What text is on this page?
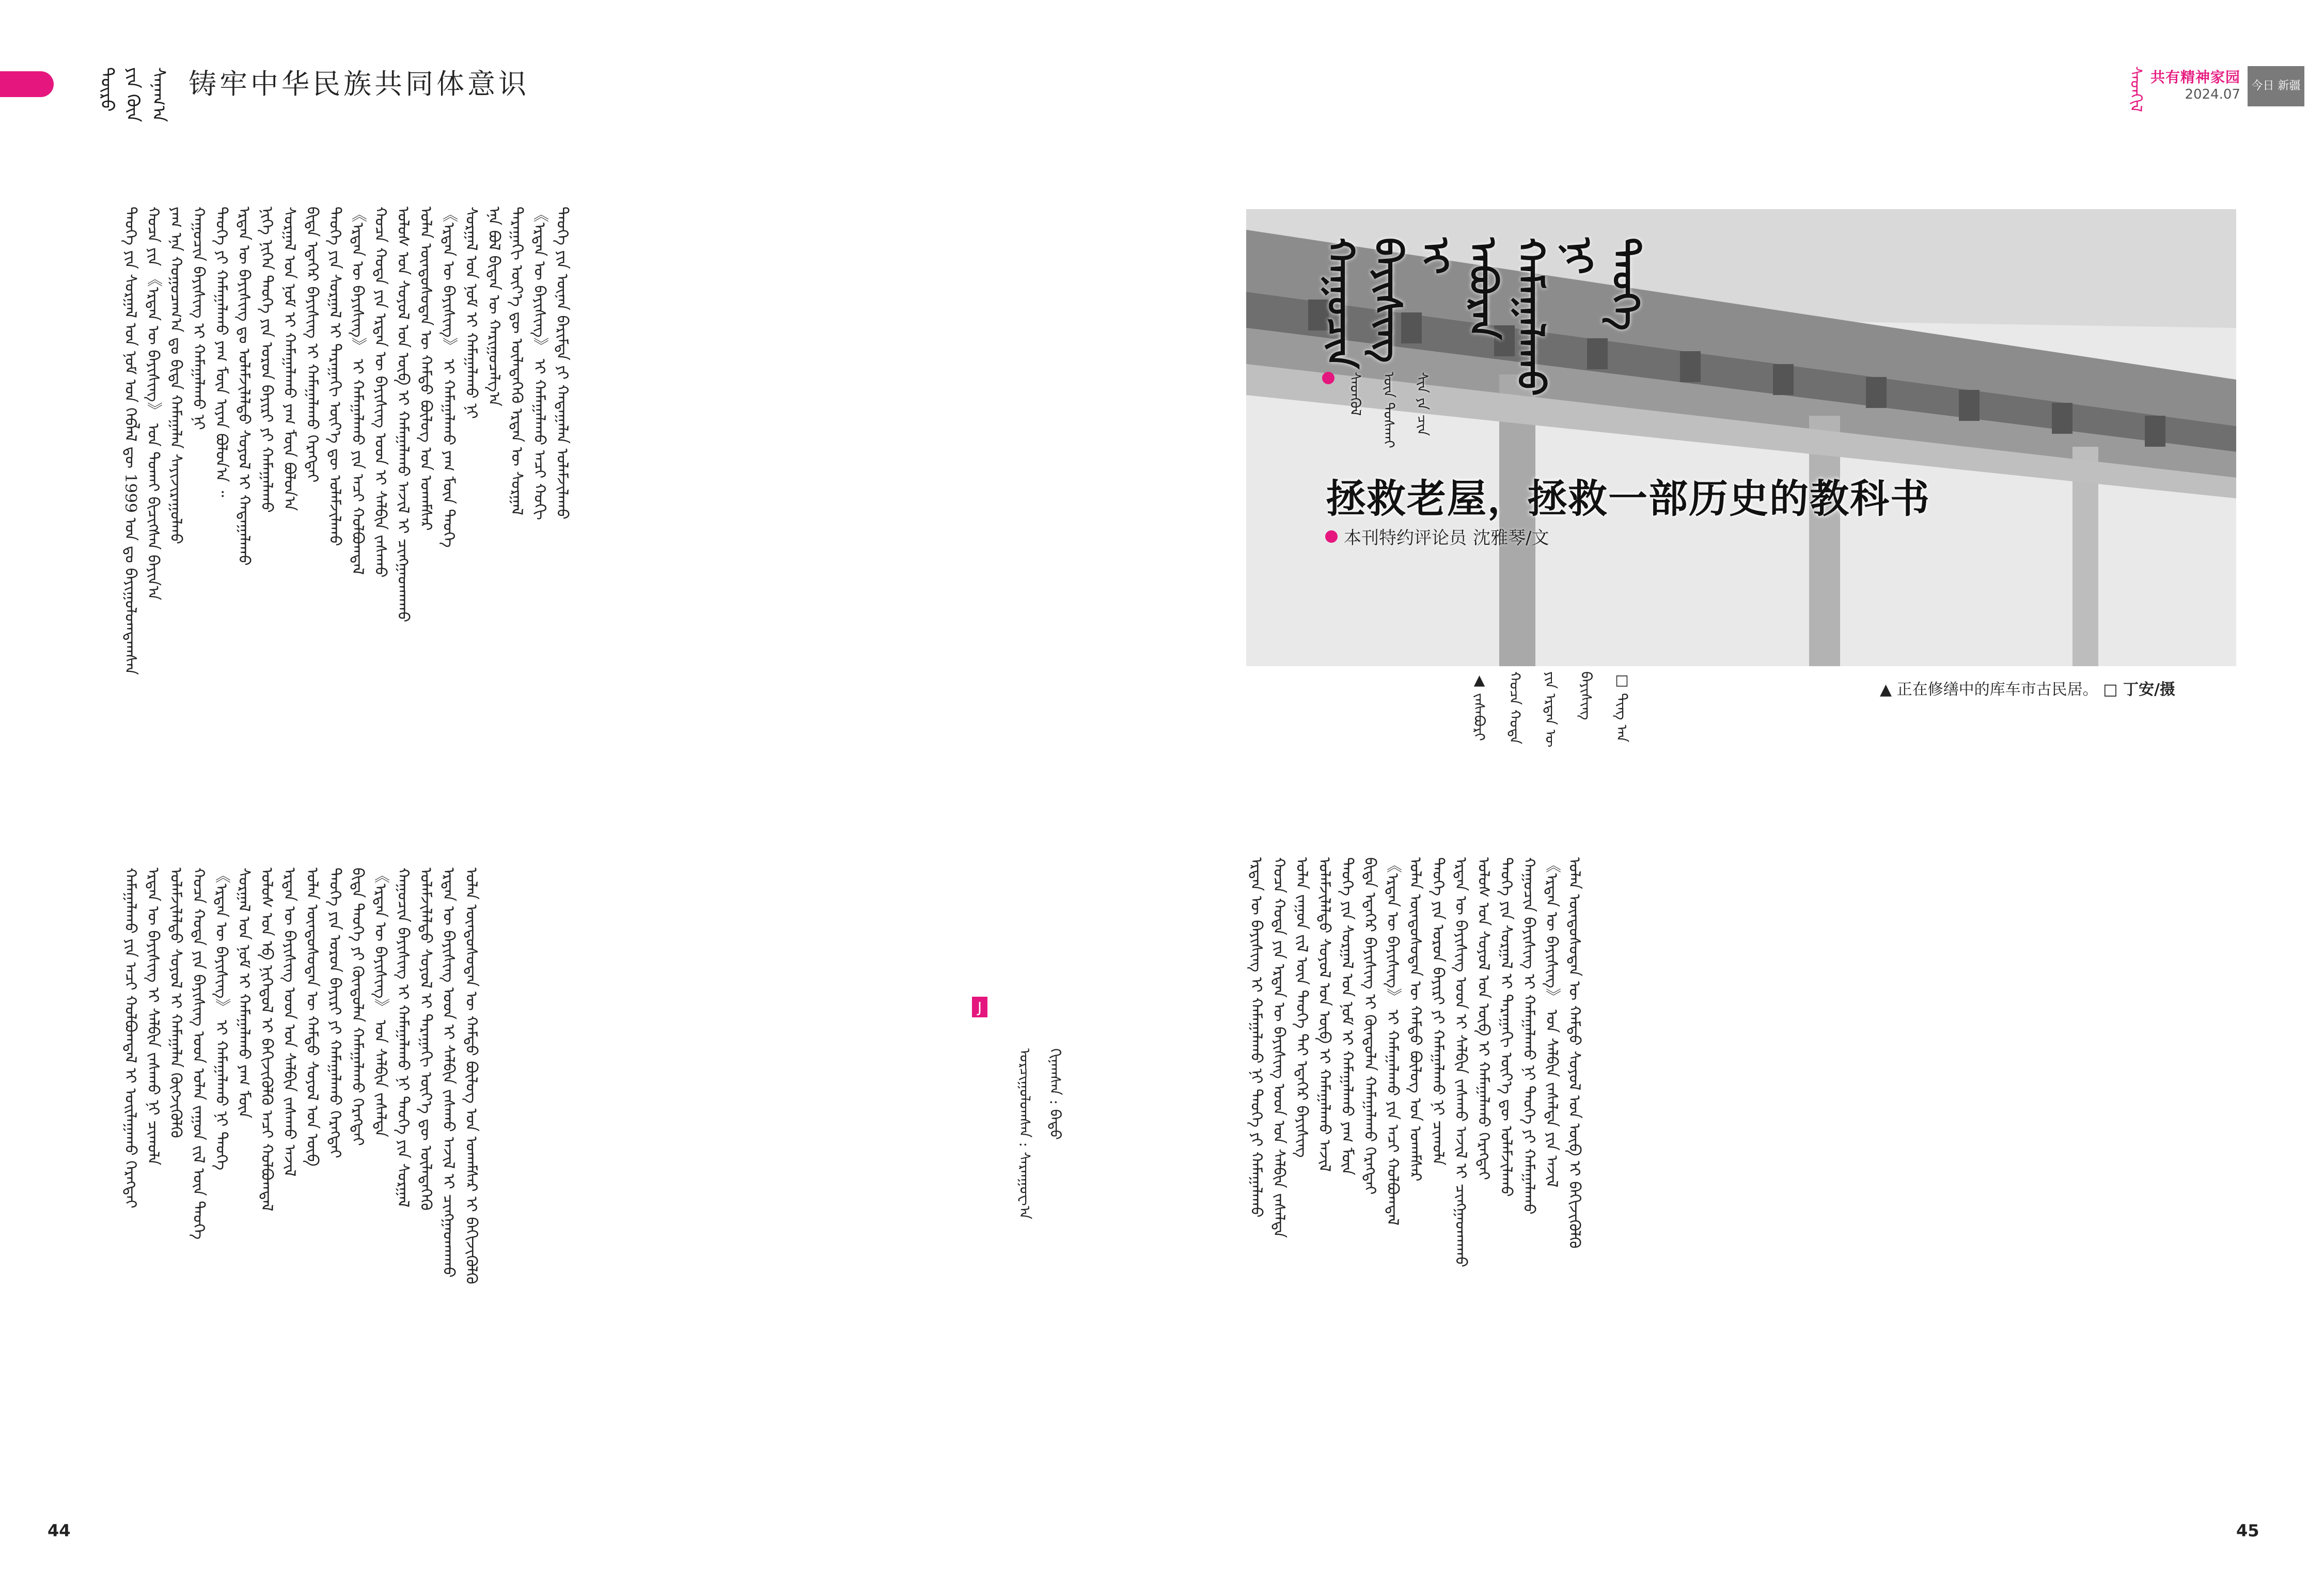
ᠲᠥᠷᠥ ᠶᠢᠨ ᠭᠦᠨ ᠰᠠᠨᠠᠭ᠎ᠠ 铸牢中华民族共同体意识	ᠰᠡᠳᠬᠢᠯ 共有精神家园
2024.07
今日 新疆
ᠲᠡᠦᠬᠡ ᠶᠢᠨ ᠰᠤᠷᠭᠠᠯ ᠤᠨ ᠨᠣᠮ ᠤᠨ ᠬᠡᠪᠯᠡᠯ ᠳᠦ 1999 ᠣᠨ ᠳᠤ ᠪᠠᠶᠢᠭᠤᠯᠤᠭᠳᠠᠭᠰᠠᠨ ᠬᠤᠴᠠ ᠶᠢᠨ 《ᠡᠷᠲᠡᠨ ᠦ ᠪᠠᠶᠢᠰᠢᠩ》 ᠤᠨ ᠲᠤᠬᠠᠢ ᠪᠢᠴᠢᠭᠰᠡᠨ ᠪᠠᠶᠢᠨ᠎ᠠ ᠶᠠᠭ ᠡᠨᠡ ᠬᠤᠭᠤᠴᠠᠭ᠎ᠠ ᠳᠤ ᠪᠢᠳᠡ ᠬᠠᠮᠠᠭᠠᠯᠠᠨ ᠰᠠᠶᠢᠵᠢᠷᠠᠭᠤᠯᠬᠤ ᠬᠠᠭᠤᠴᠢᠨ ᠪᠠᠶᠢᠰᠢᠩ ᠢ ᠬᠠᠮᠠᠭᠠᠯᠠᠬᠤ ᠨᠢ ᠲᠡᠦᠬᠡ ᠶᠢ ᠬᠠᠮᠠᠭᠠᠯᠠᠬᠤ ᠶᠠᠭ ᠮᠥᠨ ᠢᠶᠡᠨ ᠪᠣᠯᠤᠨ᠎ᠠ ᠃ ᠡᠷᠲᠡᠨ ᠦ ᠪᠠᠶᠢᠰᠢᠩ ᠳᠤ ᠤᠯᠠᠮᠵᠢᠯᠠᠯᠲᠤ ᠰᠣᠶᠣᠯ ᠢ ᠬᠠᠳᠠᠭᠠᠯᠠᠬᠤ ᠨᠢᠭᠡ ᠨᠢᠭᠡᠨ ᠲᠡᠦᠬᠡ ᠶᠢᠨ ᠤᠷᠤᠨ ᠪᠠᠶᠢᠷᠢ ᠶᠢ ᠬᠠᠮᠠᠭᠠᠯᠠᠬᠤ ᠰᠤᠷᠭᠠᠯ ᠤᠨ ᠨᠣᠮ ᠢ ᠬᠠᠮᠠᠭᠠᠯᠠᠬᠤ ᠶᠠᠭ ᠮᠥᠨ ᠪᠣᠯᠤᠨ᠎ᠠ ᠪᠢᠳᠡ ᠡᠳᠡᠭᠡᠷ ᠪᠠᠶᠢᠰᠢᠩ ᠢ ᠬᠠᠮᠠᠭᠠᠯᠠᠬᠤ ᠬᠡᠷᠡᠭᠲᠡᠢ ᠲᠡᠦᠬᠡ ᠶᠢᠨ ᠰᠤᠷᠭᠠᠯ ᠢ ᠳᠠᠷᠠᠭᠠᠬᠢ ᠦᠶ᠎ᠡ ᠳᠦ ᠤᠯᠠᠮᠵᠢᠯᠠᠬᠤ 《ᠡᠷᠲᠡᠨ ᠦ ᠪᠠᠶᠢᠰᠢᠩ》 ᠢ ᠬᠠᠮᠠᠭᠠᠯᠠᠬᠤ ᠶᠢᠨ ᠠᠴᠢ ᠬᠣᠯᠪᠤᠭᠳᠠᠯ ᠬᠤᠴᠠ ᠬᠣᠲᠠ ᠶᠢᠨ ᠡᠷᠲᠡᠨ ᠦ ᠪᠠᠶᠢᠰᠢᠩ ᠤᠳ ᠢ ᠰᠡᠯᠪᠢᠨ ᠵᠠᠰᠠᠬᠤ ᠤᠯᠤᠰ ᠤᠨ ᠰᠣᠶᠣᠯ ᠤᠨ ᠥᠪ ᠢ ᠬᠠᠮᠠᠭᠠᠯᠠᠬᠤ ᠠᠵᠢᠯ ᠢ ᠴᠢᠩᠭᠠᠳᠬᠠᠬᠤ ᠣᠯᠠᠨ ᠦᠨᠳᠦᠰᠦᠲᠡᠨ ᠦ ᠬᠠᠮᠲᠤ ᠪᠦᠯᠦᠭ ᠤᠨ ᠤᠬᠠᠮᠰᠠᠷ 《ᠡᠷᠲᠡᠨ ᠦ ᠪᠠᠶᠢᠰᠢᠩ》 ᠢ ᠬᠠᠮᠠᠭᠠᠯᠠᠬᠤ ᠶᠠᠭ ᠮᠥᠨ ᠲᠡᠦᠬᠡ ᠰᠤᠷᠭᠠᠯ ᠤᠨ ᠨᠣᠮ ᠢ ᠬᠠᠮᠠᠭᠠᠯᠠᠬᠤ ᠨᠢ ᠡᠨᠡ ᠪᠣᠯ ᠪᠢᠳᠡᠨ ᠦ ᠬᠠᠷᠢᠭᠤᠴᠠᠯᠭ᠎ᠠ ᠳᠠᠷᠠᠭᠠᠬᠢ ᠦᠶ᠎ᠡ ᠳᠦ ᠦᠯᠡᠳᠡᠭᠡᠬᠦ ᠡᠷᠲᠡᠨ ᠦ ᠰᠤᠷᠭᠠᠯ 《ᠡᠷᠲᠡᠨ ᠦ ᠪᠠᠶᠢᠰᠢᠩ》 ᠢ ᠬᠠᠮᠠᠭᠠᠯᠠᠬᠤ ᠠᠴᠢ ᠬᠤᠬᠢ ᠲᠡᠦᠬᠡ ᠶᠢᠨ ᠦᠨᠡᠨ ᠪᠠᠷᠢᠮᠲᠠ ᠶᠢ ᠬᠠᠳᠠᠭᠠᠯᠠᠨ ᠤᠯᠠᠮᠵᠢᠯᠠᠬᠤ
J
ᠣᠷᠴᠢᠭᠤᠯᠤᠭᠰᠠᠨ : ᠰᠠᠷᠠᠨᠭᠤᠸ᠎ᠠ ᠬᠢᠨᠠᠭᠰᠠᠨ : ᠪᠠᠲᠤ
ᠬᠠᠮᠠᠭᠠᠯᠠᠬᠤ ᠶᠢᠨ ᠠᠴᠢ ᠬᠣᠯᠪᠤᠭᠳᠠᠯ ᠢ ᠣᠢᠯᠠᠭᠠᠬᠤ ᠬᠡᠷᠡᠭᠲᠡᠢ ᠡᠷᠲᠡᠨ ᠦ ᠪᠠᠶᠢᠰᠢᠩ ᠢ ᠰᠡᠯᠪᠢᠨ ᠵᠠᠰᠠᠬᠤ ᠨᠢ ᠴᠢᠬᠤᠯᠠ ᠤᠯᠠᠮᠵᠢᠯᠠᠯᠲᠤ ᠰᠣᠶᠣᠯ ᠢ ᠬᠠᠮᠠᠭᠠᠯᠠᠨ ᠬᠥᠭᠵᠢᠭᠦᠯᠬᠦ ᠬᠤᠴᠠ ᠬᠣᠲᠠ ᠶᠢᠨ ᠪᠠᠶᠢᠰᠢᠩ ᠤᠳ ᠣᠯᠠᠨ ᠵᠠᠭᠤᠨ ᠵᠢᠯ ᠦᠨ ᠲᠡᠦᠬᠡ 《ᠡᠷᠲᠡᠨ ᠦ ᠪᠠᠶᠢᠰᠢᠩ》 ᠢ ᠬᠠᠮᠠᠭᠠᠯᠠᠬᠤ ᠨᠢ ᠲᠡᠦᠬᠡ ᠰᠤᠷᠭᠠᠯ ᠤᠨ ᠨᠣᠮ ᠢ ᠬᠠᠮᠠᠭᠠᠯᠠᠬᠤ ᠶᠠᠭ ᠮᠥᠨ ᠤᠯᠤᠰ ᠤᠨ ᠡᠪ ᠨᠢᠭᠡᠳᠦᠯ ᠢ ᠪᠡᠬᠢᠵᠢᠭᠦᠯᠬᠦ ᠠᠴᠢ ᠬᠣᠯᠪᠤᠭᠳᠠᠯ ᠡᠷᠲᠡᠨ ᠦ ᠪᠠᠶᠢᠰᠢᠩ ᠤᠳ ᠤᠨ ᠰᠡᠯᠪᠢᠨ ᠵᠠᠰᠠᠬᠤ ᠠᠵᠢᠯ ᠣᠯᠠᠨ ᠦᠨᠳᠦᠰᠦᠲᠡᠨ ᠦ ᠬᠠᠮᠲᠤ ᠰᠣᠶᠣᠯ ᠤᠨ ᠥᠪ ᠲᠡᠦᠬᠡ ᠶᠢᠨ ᠤᠷᠤᠨ ᠪᠠᠶᠢᠷᠢ ᠶᠢ ᠬᠠᠮᠠᠭᠠᠯᠠᠬᠤ ᠬᠡᠷᠡᠭᠲᠡᠢ ᠪᠢᠳᠡ ᠲᠡᠦᠬᠡ ᠶᠢ ᠬᠦᠨᠳᠦᠯᠡᠨ ᠬᠠᠮᠠᠭᠠᠯᠠᠬᠤ ᠬᠡᠷᠡᠭᠲᠡᠢ 《ᠡᠷᠲᠡᠨ ᠦ ᠪᠠᠶᠢᠰᠢᠩ》 ᠤᠨ ᠰᠡᠯᠪᠢᠨ ᠵᠠᠰᠠᠯᠲᠠ ᠬᠠᠭᠤᠴᠢᠨ ᠪᠠᠶᠢᠰᠢᠩ ᠢ ᠬᠠᠮᠠᠭᠠᠯᠠᠬᠤ ᠨᠢ ᠲᠡᠦᠬᠡ ᠶᠢᠨ ᠰᠤᠷᠭᠠᠯ ᠤᠯᠠᠮᠵᠢᠯᠠᠯᠲᠤ ᠰᠣᠶᠣᠯ ᠢ ᠳᠠᠷᠠᠭᠠᠬᠢ ᠦᠶ᠎ᠡ ᠳᠦ ᠦᠯᠡᠳᠡᠭᠡᠬᠦ ᠡᠷᠲᠡᠨ ᠦ ᠪᠠᠶᠢᠰᠢᠩ ᠤᠳ ᠢ ᠰᠡᠯᠪᠢᠨ ᠵᠠᠰᠠᠬᠤ ᠠᠵᠢᠯ ᠢ ᠴᠢᠩᠭᠠᠳᠬᠠᠬᠤ ᠣᠯᠠᠨ ᠦᠨᠳᠦᠰᠦᠲᠡᠨ ᠦ ᠬᠠᠮᠲᠤ ᠪᠦᠯᠦᠭ ᠤᠨ ᠤᠬᠠᠮᠰᠠᠷ ᠢ ᠪᠡᠬᠢᠵᠢᠭᠦᠯᠬᠦ
ᠬᠠᠭᠤᠴᠢᠨ ᠪᠠᠶᠢᠰᠢᠩ ᠢ ᠠᠪᠤᠷᠠᠨ ᠬᠠᠮᠠᠭᠠᠯᠠᠬᠤ ᠨᠢ ᠲᠡᠦᠬᠡ
ᠰᠡᠳᠬᠦᠯ ᠦᠨ ᠲᠤᠰᠬᠠᠢ ᠰᠢᠨ ᠶᠠ ᠴᠢᠨ
拯救老屋，拯救一部历史的教科书
本刊特约评论员 沈雅琴/文
▲ ᠵᠠᠰᠠᠪᠤᠷᠢ ᠬᠤᠴᠠ ᠬᠣᠲᠠ ᠶᠢᠨ ᠡᠷᠲᠡᠨ ᠦ ᠪᠠᠶᠢᠰᠢᠩ □ ᠳᠢᠩ ᠠᠨ	▲ 正在修缮中的库车市古民居。 □ 丁安/摄
ᠡᠷᠲᠡᠨ ᠦ ᠪᠠᠶᠢᠰᠢᠩ ᠢ ᠬᠠᠮᠠᠭᠠᠯᠠᠬᠤ ᠨᠢ ᠲᠡᠦᠬᠡ ᠶᠢ ᠬᠠᠮᠠᠭᠠᠯᠠᠬᠤ ᠬᠤᠴᠠ ᠬᠣᠲᠠ ᠶᠢᠨ ᠡᠷᠲᠡᠨ ᠦ ᠪᠠᠶᠢᠰᠢᠩ ᠤᠳ ᠤᠨ ᠰᠡᠯᠪᠢᠨ ᠵᠠᠰᠠᠯᠲᠠ ᠣᠯᠠᠨ ᠵᠠᠭᠤᠨ ᠵᠢᠯ ᠦᠨ ᠲᠡᠦᠬᠡ ᠲᠠᠢ ᠡᠳᠡᠭᠡᠷ ᠪᠠᠶᠢᠰᠢᠩ ᠤᠯᠠᠮᠵᠢᠯᠠᠯᠲᠤ ᠰᠣᠶᠣᠯ ᠤᠨ ᠥᠪ ᠢ ᠬᠠᠮᠠᠭᠠᠯᠠᠬᠤ ᠠᠵᠢᠯ ᠲᠡᠦᠬᠡ ᠶᠢᠨ ᠰᠤᠷᠭᠠᠯ ᠤᠨ ᠨᠣᠮ ᠢ ᠬᠠᠮᠠᠭᠠᠯᠠᠬᠤ ᠶᠠᠭ ᠮᠥᠨ ᠪᠢᠳᠡ ᠡᠳᠡᠭᠡᠷ ᠪᠠᠶᠢᠰᠢᠩ ᠢ ᠬᠦᠨᠳᠦᠯᠡᠨ ᠬᠠᠮᠠᠭᠠᠯᠠᠬᠤ ᠬᠡᠷᠡᠭᠲᠡᠢ 《ᠡᠷᠲᠡᠨ ᠦ ᠪᠠᠶᠢᠰᠢᠩ》 ᠢ ᠬᠠᠮᠠᠭᠠᠯᠠᠬᠤ ᠶᠢᠨ ᠠᠴᠢ ᠬᠣᠯᠪᠤᠭᠳᠠᠯ ᠣᠯᠠᠨ ᠦᠨᠳᠦᠰᠦᠲᠡᠨ ᠦ ᠬᠠᠮᠲᠤ ᠪᠦᠯᠦᠭ ᠤᠨ ᠤᠬᠠᠮᠰᠠᠷ ᠲᠡᠦᠬᠡ ᠶᠢᠨ ᠤᠷᠤᠨ ᠪᠠᠶᠢᠷᠢ ᠶᠢ ᠬᠠᠮᠠᠭᠠᠯᠠᠬᠤ ᠨᠢ ᠴᠢᠬᠤᠯᠠ ᠡᠷᠲᠡᠨ ᠦ ᠪᠠᠶᠢᠰᠢᠩ ᠤᠳ ᠢ ᠰᠡᠯᠪᠢᠨ ᠵᠠᠰᠠᠬᠤ ᠠᠵᠢᠯ ᠢ ᠴᠢᠩᠭᠠᠳᠬᠠᠬᠤ ᠤᠯᠤᠰ ᠤᠨ ᠰᠣᠶᠣᠯ ᠤᠨ ᠥᠪ ᠢ ᠬᠠᠮᠠᠭᠠᠯᠠᠬᠤ ᠬᠡᠷᠡᠭᠲᠡᠢ ᠲᠡᠦᠬᠡ ᠶᠢᠨ ᠰᠤᠷᠭᠠᠯ ᠢ ᠳᠠᠷᠠᠭᠠᠬᠢ ᠦᠶ᠎ᠡ ᠳᠦ ᠤᠯᠠᠮᠵᠢᠯᠠᠬᠤ ᠬᠠᠭᠤᠴᠢᠨ ᠪᠠᠶᠢᠰᠢᠩ ᠢ ᠬᠠᠮᠠᠭᠠᠯᠠᠬᠤ ᠨᠢ ᠲᠡᠦᠬᠡ ᠶᠢ ᠬᠠᠮᠠᠭᠠᠯᠠᠬᠤ 《ᠡᠷᠲᠡᠨ ᠦ ᠪᠠᠶᠢᠰᠢᠩ》 ᠤᠨ ᠰᠡᠯᠪᠢᠨ ᠵᠠᠰᠠᠯᠲᠠ ᠶᠢᠨ ᠠᠵᠢᠯ ᠣᠯᠠᠨ ᠦᠨᠳᠦᠰᠦᠲᠡᠨ ᠦ ᠬᠠᠮᠲᠤ ᠰᠣᠶᠣᠯ ᠤᠨ ᠥᠪ ᠢ ᠪᠡᠬᠢᠵᠢᠭᠦᠯᠬᠦ
44	45
